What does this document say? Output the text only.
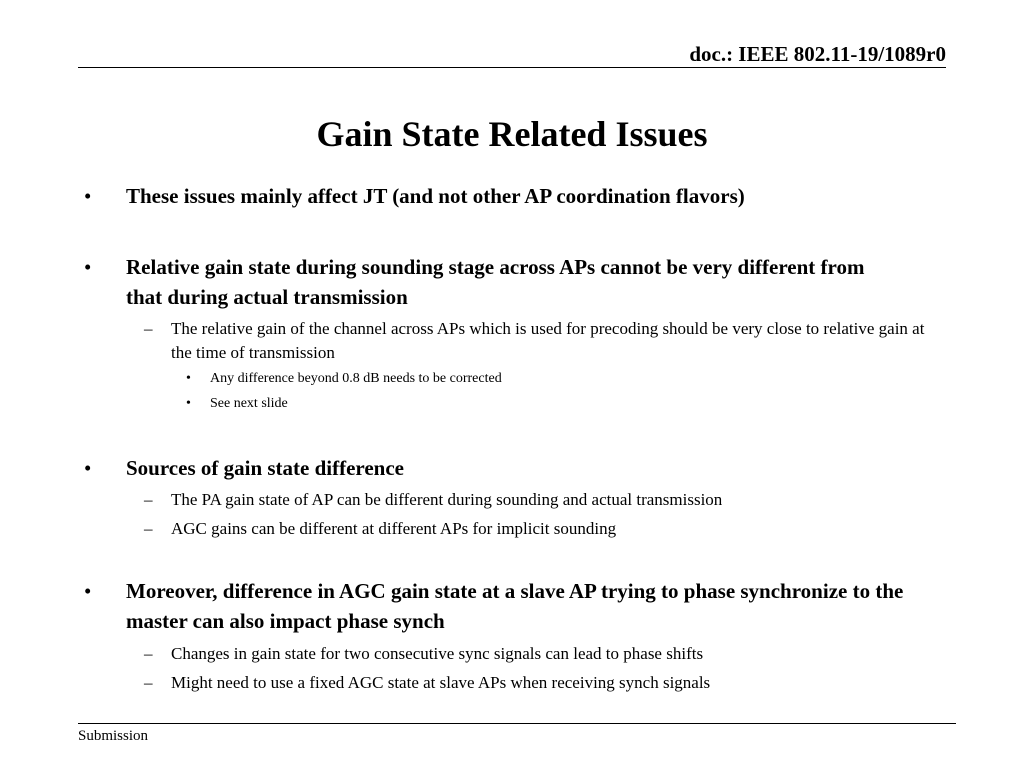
doc.: IEEE 802.11-19/1089r0
Gain State Related Issues
• These issues mainly affect JT (and not other AP coordination flavors)
• Relative gain state during sounding stage across APs cannot be very different from that during actual transmission
– The relative gain of the channel across APs which is used for precoding should be very close to relative gain at the time of transmission
• Any difference beyond 0.8 dB needs to be corrected
• See next slide
• Sources of gain state difference
– The PA gain state of AP can be different during sounding and actual transmission
– AGC gains can be different at different APs for implicit sounding
• Moreover, difference in AGC gain state at a slave AP trying to phase synchronize to the master can also impact phase synch
– Changes in gain state for two consecutive sync signals can lead to phase shifts
– Might need to use a fixed AGC state at slave APs when receiving synch signals
Submission
